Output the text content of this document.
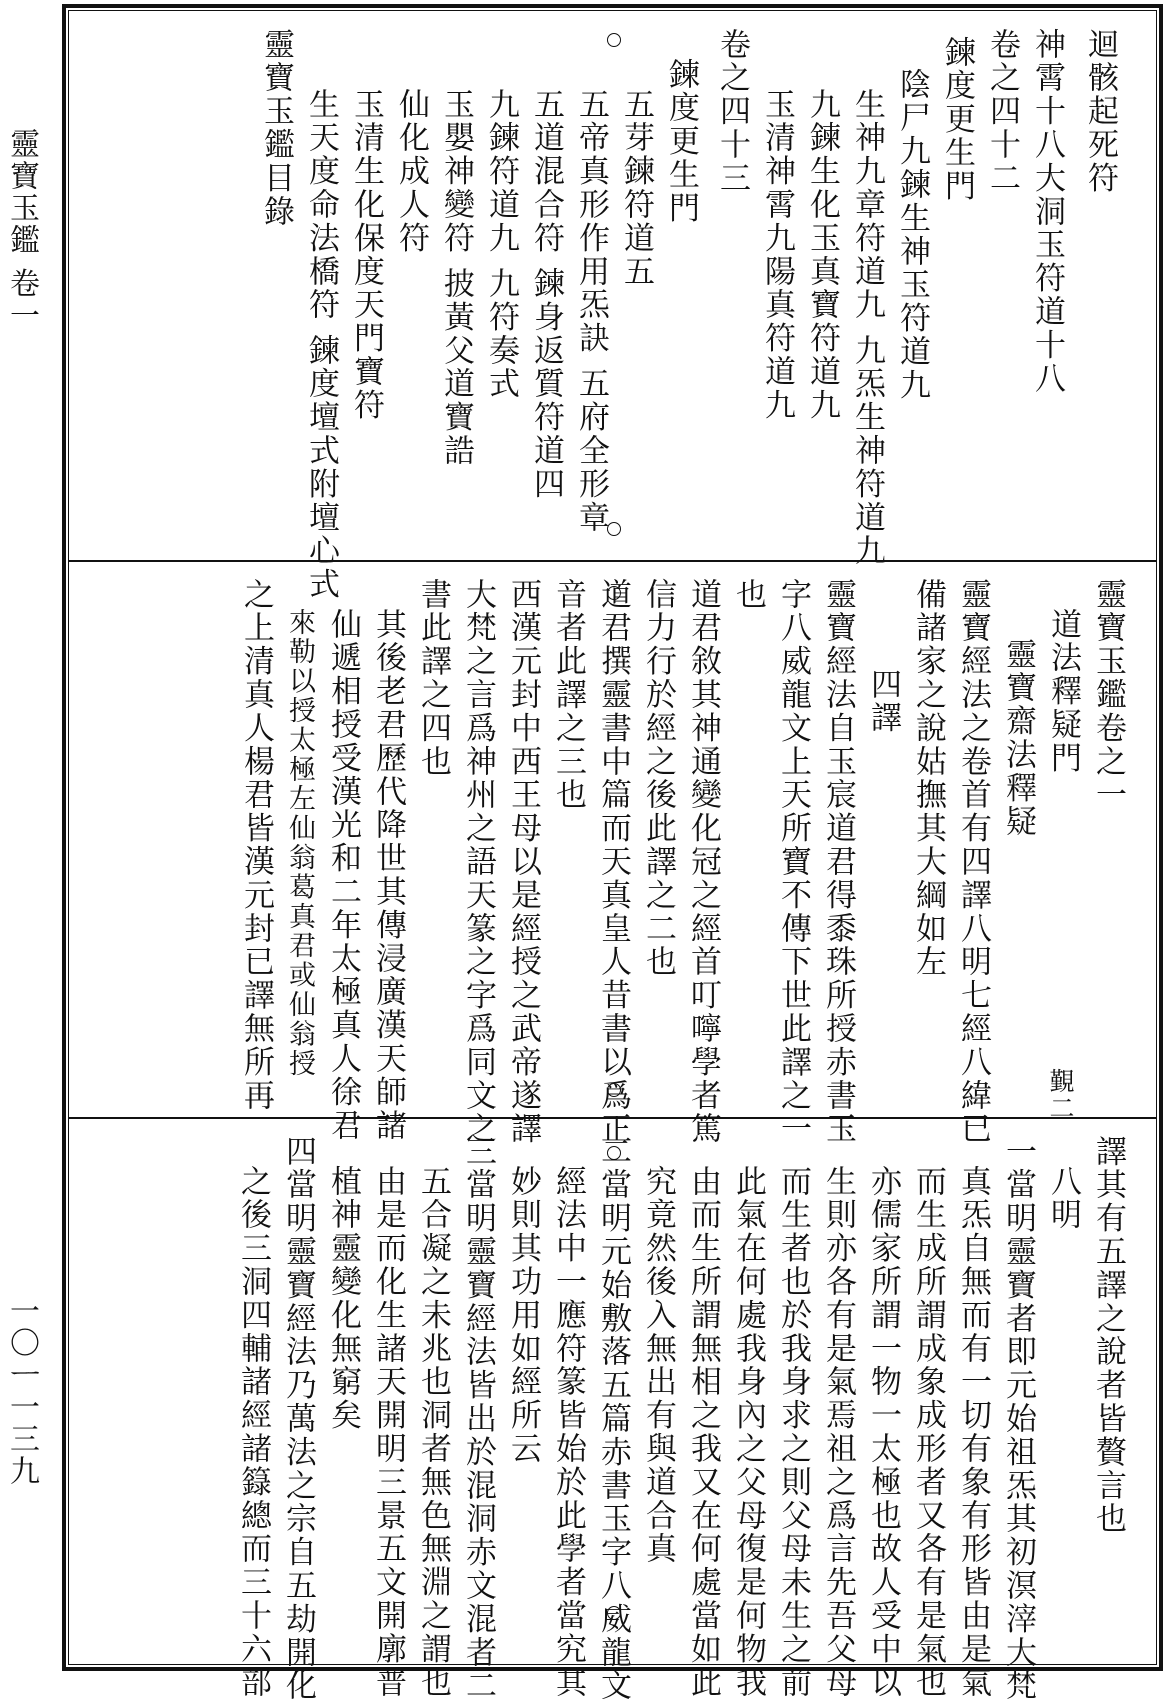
靈寶玉鑑 卷一
一〇ㅡ一三九
覲二
迴骸起死符
神霄十八大洞玉符道十八
卷之四十二
鍊度更生門
陰尸九鍊生神玉符道九
生神九章符道九 九炁生神符道九
九鍊生化玉真寶符道九
玉清神霄九陽真符道九
卷之四十三
鍊度更生門
五芽鍊符道五
五帝真形作用炁訣 五府全形章
五道混合符 鍊身返質符道四
九鍊符道九 九符奏式
玉嬰神變符 披黃父道寶誥
仙化成人符
玉清生化保度天門寶符
生天度命法橋符 鍊度壇式附壇心式
靈寶玉鑑目錄
靈寶玉鑑卷之一
道法釋疑門
靈寶齋法釋疑
靈寶經法之卷首有四譯八明七經八緯已
備諸家之說姑撫其大綱如左
四譯
靈寶經法自玉宸道君得黍珠所授赤書玉
字八威龍文上天所寶不傳下世此譯之一
也
道君敘其神通變化冠之經首叮嚀學者篤
信力行於經之後此譯之二也
道君撰靈書中篇而天真皇人昔書以爲正
音者此譯之三也
西漢元封中西王母以是經授之武帝遂譯
大梵之言爲神州之語天篆之字爲同文之
書此譯之四也
其後老君歷代降世其傳浸廣漢天師諸
仙遞相授受漢光和二年太極真人徐君
來勒以授太極左仙翁葛真君或仙翁授
之上清真人楊君皆漢元封已譯無所再
譯其有五譯之說者皆贅言也
八明
一當明靈寶者即元始祖炁其初溟滓大梵
真炁自無而有一切有象有形皆由是氣
而生成所謂成象成形者又各有是氣也
亦儒家所謂一物一太極也故人受中以
生則亦各有是氣焉祖之爲言先吾父母
而生者也於我身求之則父母未生之前
此氣在何處我身內之父母復是何物我
由而生所謂無相之我又在何處當如此
究竟然後入無出有與道合真
二當明元始敷落五篇赤書玉字八威龍文
經法中一應符篆皆始於此學者當究其
妙則其功用如經所云
三當明靈寶經法皆出於混洞赤文混者二
五合凝之未兆也洞者無色無淵之謂也
由是而化生諸天開明三景五文開廓普
植神靈變化無窮矣
四當明靈寶經法乃萬法之宗自五劫開化
之後三洞四輔諸經諸籙總而三十六部
